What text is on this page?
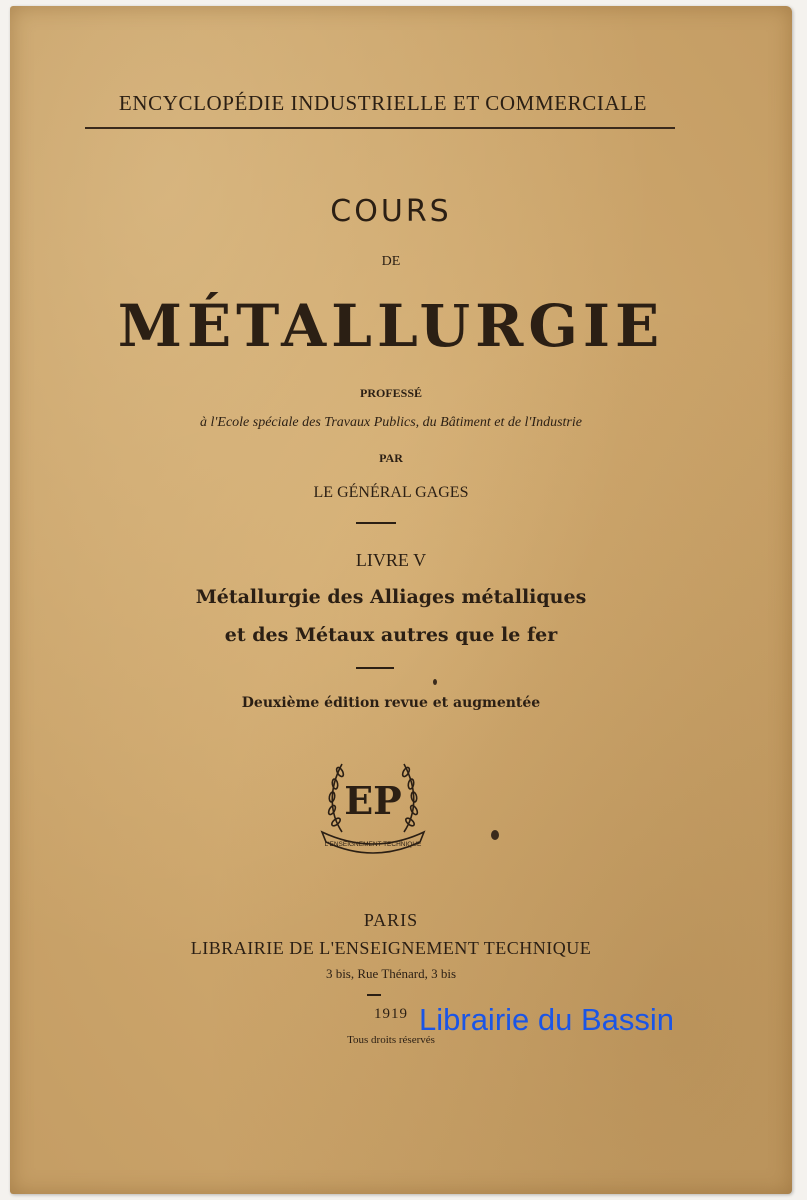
ENCYCLOPÉDIE INDUSTRIELLE ET COMMERCIALE
COURS
DE
MÉTALLURGIE
PROFESSÉ
à l'Ecole spéciale des Travaux Publics, du Bâtiment et de l'Industrie
PAR
LE GÉNÉRAL GAGES
LIVRE V
Métallurgie des Alliages métalliques
et des Métaux autres que le fer
Deuxième édition revue et augmentée
EP
L'ENSEIGNEMENT TECHNIQUE
PARIS
LIBRAIRIE DE L'ENSEIGNEMENT TECHNIQUE
3 bis, Rue Thénard, 3 bis
1919
Tous droits réservés
Librairie du Bassin
